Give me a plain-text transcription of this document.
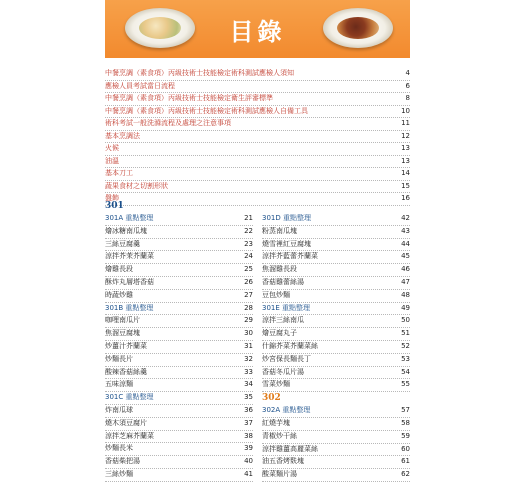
目錄
中餐烹調（素食項）丙級技術士技能檢定術科測試應檢人須知	4
應檢人員考試當日流程	6
中餐烹調（素食項）丙級技術士技能檢定衛生評審標準	8
中餐烹調（素食項）丙級技術士技能檢定術科測試應檢人自備工具	10
術科考試一般洗滌流程及處理之注意事項	11
基本烹調法	12
火候	13
油溫	13
基本刀工	14
蔬果食材之切割形狀	15
盤飾	16
301
301A 重點整理	21
燴冰糖南瓜塊	22
三絲豆腐羹	23
涼拌芥茉芥蘭菜	24
燴雞長段	25
酥炸丸層塔香菇	26
時蔬炒雞	27
301B 重點整理	28
咖哩南瓜片	29
焦溜豆腐塊	30
炒薑汁芥蘭菜	31
炒麵長片	32
酸辣香菇絲羹	33
五味涼麵	34
301C 重點整理	35
炸南瓜球	36
燒木須豆腐片	37
涼拌芝麻芥蘭菜	38
炒麵長米	39
香菇柴把湯	40
三絲炒麵	41
301D 重點整理	42
粉蒸南瓜塊	43
燒雪裡紅豆腐塊	44
涼拌芥藍蕾芥蘭菜	45
焦溜雞長段	46
香菇雞蕾絲湯	47
豆包炒麵	48
301E 重點整理	49
涼拌三絲南瓜	50
燴豆腐丸子	51
什錦芥菜芥蘭菜絲	52
炒宮保長麵長丁	53
香菇冬瓜片湯	54
雪菜炒麵	55
302
302A 重點整理	57
紅燒芋塊	58
青椒炒干絲	59
涼拌雞薑高麗菜絲	60
油五香烤麩塊	61
酸菜麵片湯	62
